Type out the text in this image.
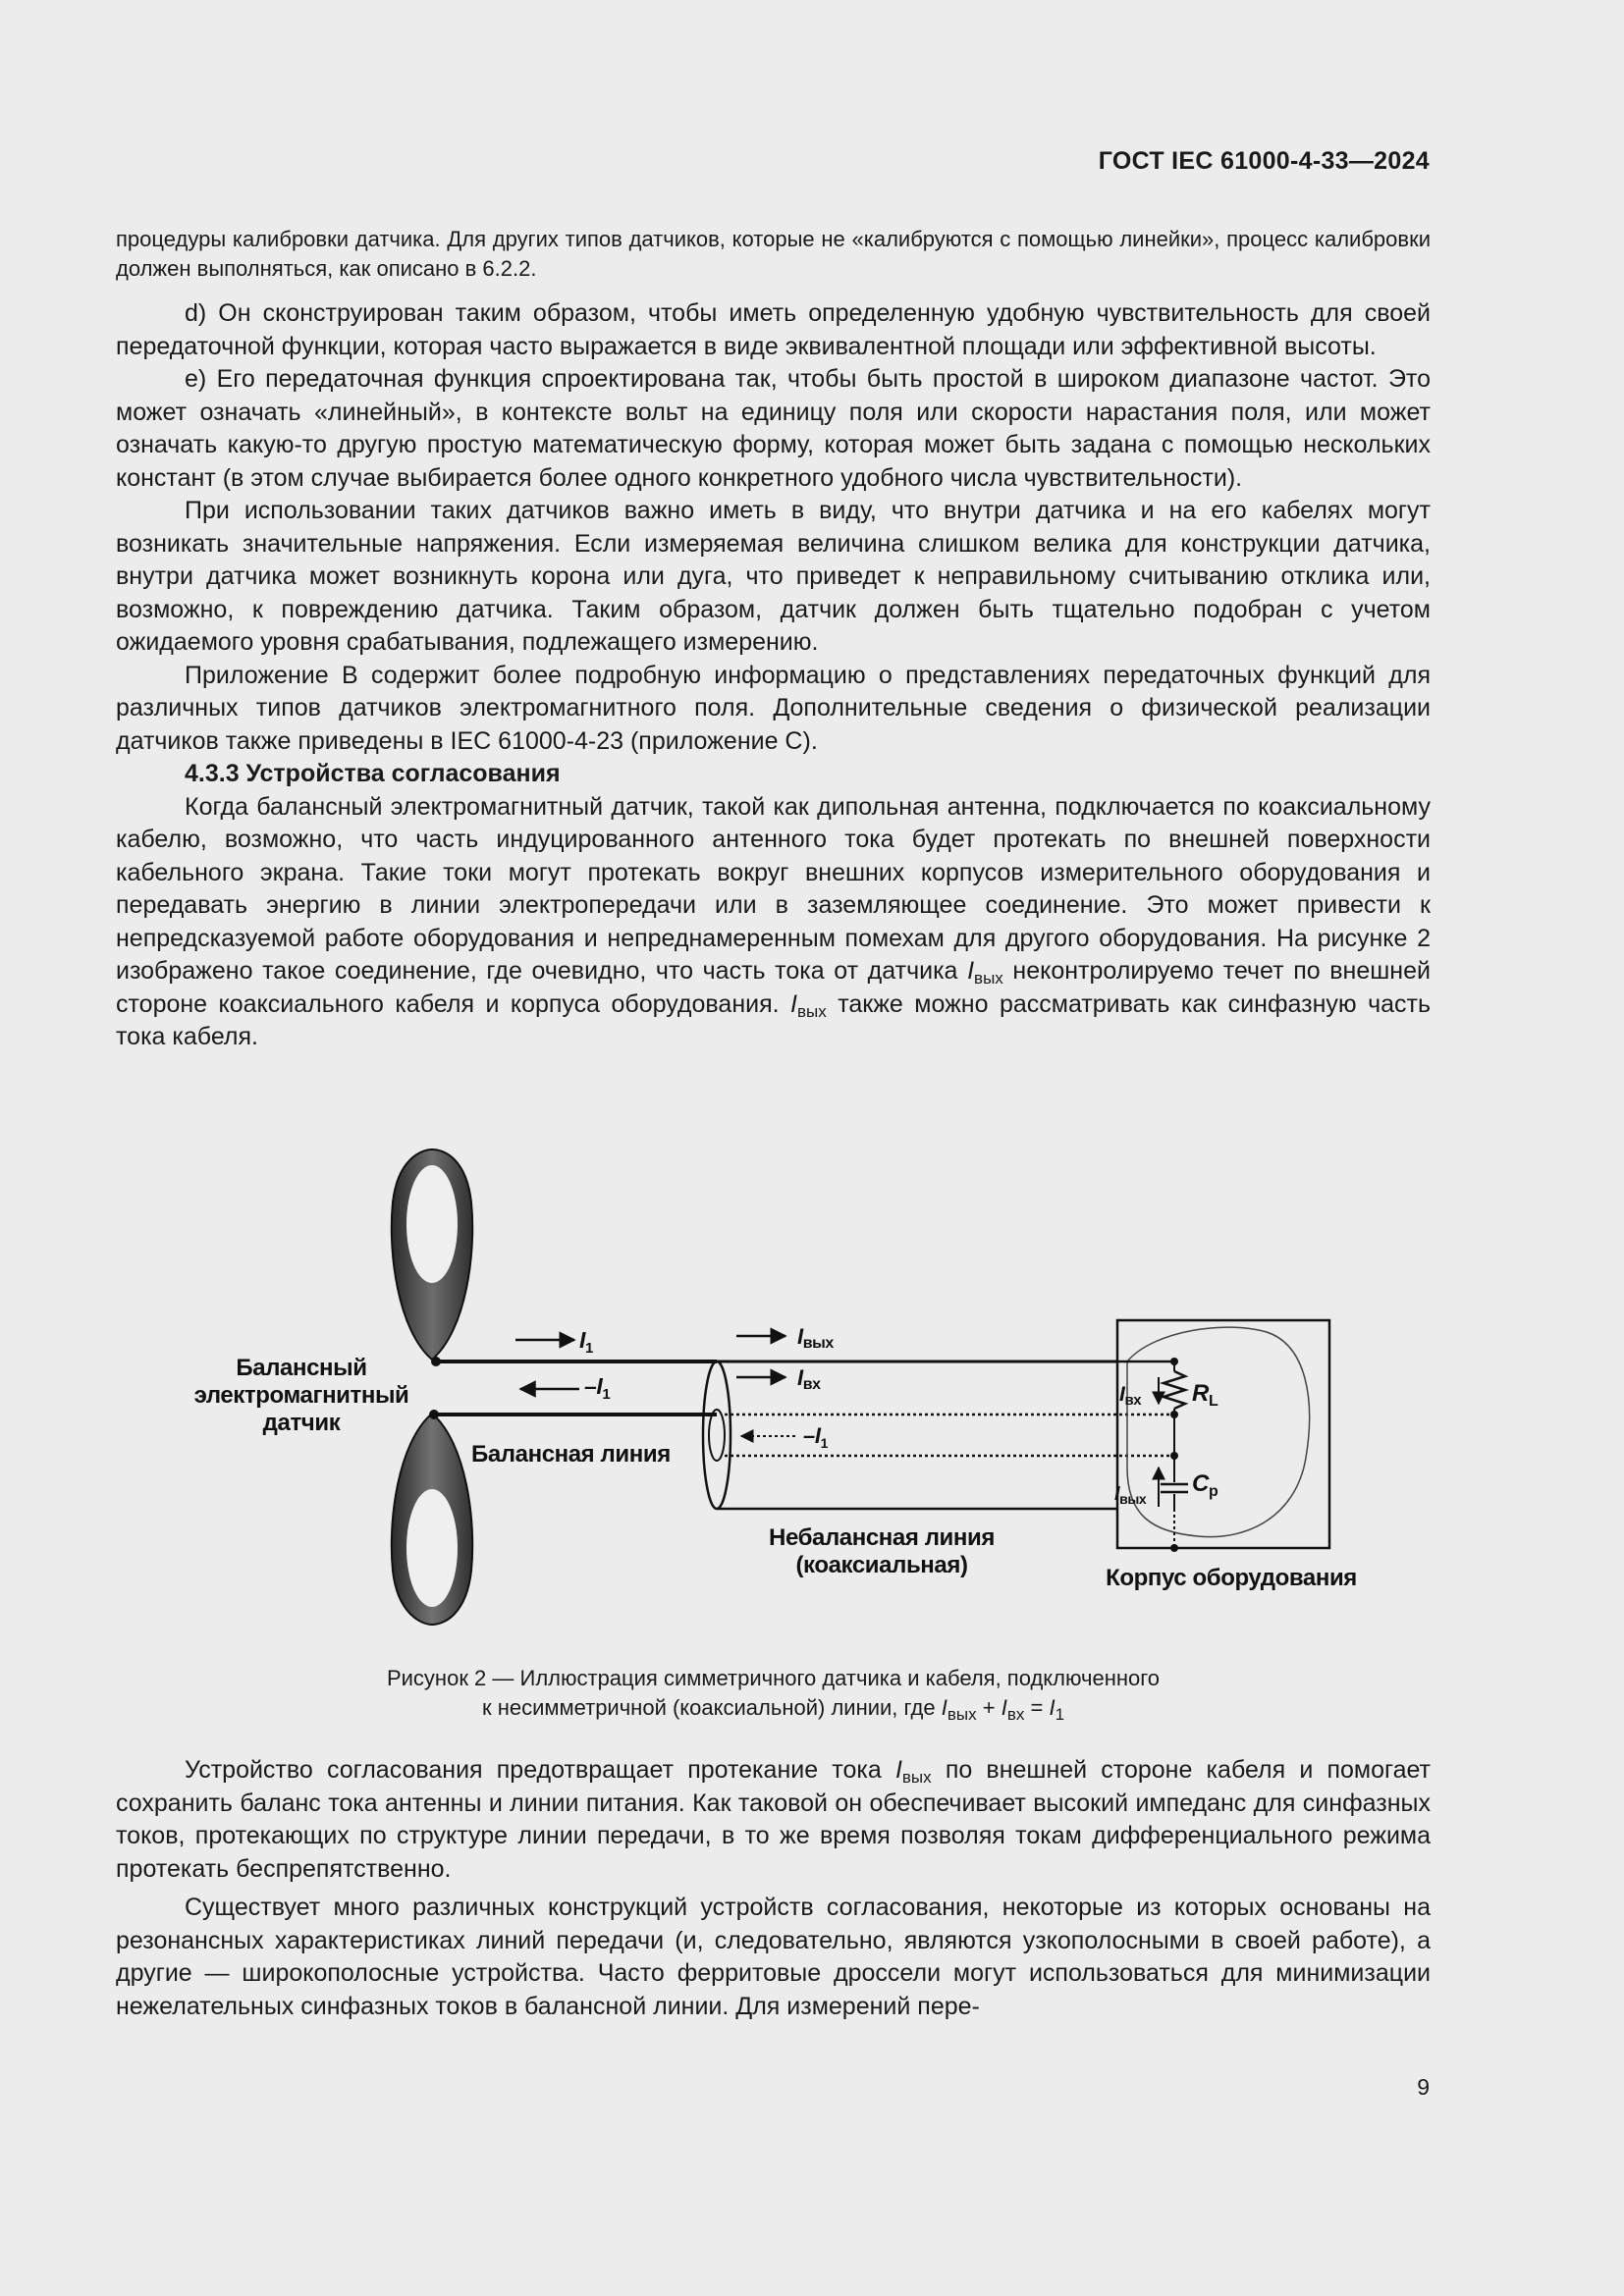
ГОСТ IEC 61000-4-33—2024

процедуры калибровки датчика. Для других типов датчиков, которые не «калибруются с помощью линейки», процесс калибровки должен выполняться, как описано в 6.2.2.

d) Он сконструирован таким образом, чтобы иметь определенную удобную чувствительность для своей передаточной функции, которая часто выражается в виде эквивалентной площади или эффективной высоты.

e) Его передаточная функция спроектирована так, чтобы быть простой в широком диапазоне частот. Это может означать «линейный», в контексте вольт на единицу поля или скорости нарастания поля, или может означать какую-то другую простую математическую форму, которая может быть задана с помощью нескольких констант (в этом случае выбирается более одного конкретного удобного числа чувствительности).

При использовании таких датчиков важно иметь в виду, что внутри датчика и на его кабелях могут возникать значительные напряжения. Если измеряемая величина слишком велика для конструкции датчика, внутри датчика может возникнуть корона или дуга, что приведет к неправильному считыванию отклика или, возможно, к повреждению датчика. Таким образом, датчик должен быть тщательно подобран с учетом ожидаемого уровня срабатывания, подлежащего измерению.

Приложение B содержит более подробную информацию о представлениях передаточных функций для различных типов датчиков электромагнитного поля. Дополнительные сведения о физической реализации датчиков также приведены в IEC 61000-4-23 (приложение С).

4.3.3 Устройства согласования

Когда балансный электромагнитный датчик, такой как дипольная антенна, подключается по коаксиальному кабелю, возможно, что часть индуцированного антенного тока будет протекать по внешней поверхности кабельного экрана. Такие токи могут протекать вокруг внешних корпусов измерительного оборудования и передавать энергию в линии электропередачи или в заземляющее соединение. Это может привести к непредсказуемой работе оборудования и непреднамеренным помехам для другого оборудования. На рисунке 2 изображено такое соединение, где очевидно, что часть тока от датчика $I_{вых}$ неконтролируемо течет по внешней стороне коаксиального кабеля и корпуса оборудования. $I_{вых}$ также можно рассматривать как синфазную часть тока кабеля.

$I_1$
$-I_1$
Iвых
Iвх
$-I_1$
Iвх $R_L$
$C_p$
$I_{вых}$
Балансный
электромагнитный
датчик
Балансная линия
Небалансная линия
(коаксиальная)	Корпус оборудования
Рисунок 2 — Иллюстрация симметричного датчика и кабеля, подключенного
к несимметричной (коаксиальной) линии, где $I_{вых} + I_{вх} = I_1$

Устройство согласования предотвращает протекание тока $I_{вых}$ по внешней стороне кабеля и помогает сохранить баланс тока антенны и линии питания. Как таковой он обеспечивает высокий импеданс для синфазных токов, протекающих по структуре линии передачи, в то же время позволяя токам дифференциального режима протекать беспрепятственно.

Существует много различных конструкций устройств согласования, некоторые из которых основаны на резонансных характеристиках линий передачи (и, следовательно, являются узкополосными в своей работе), а другие — широкополосные устройства. Часто ферритовые дроссели могут использоваться для минимизации нежелательных синфазных токов в балансной линии. Для измерений пере-

9
